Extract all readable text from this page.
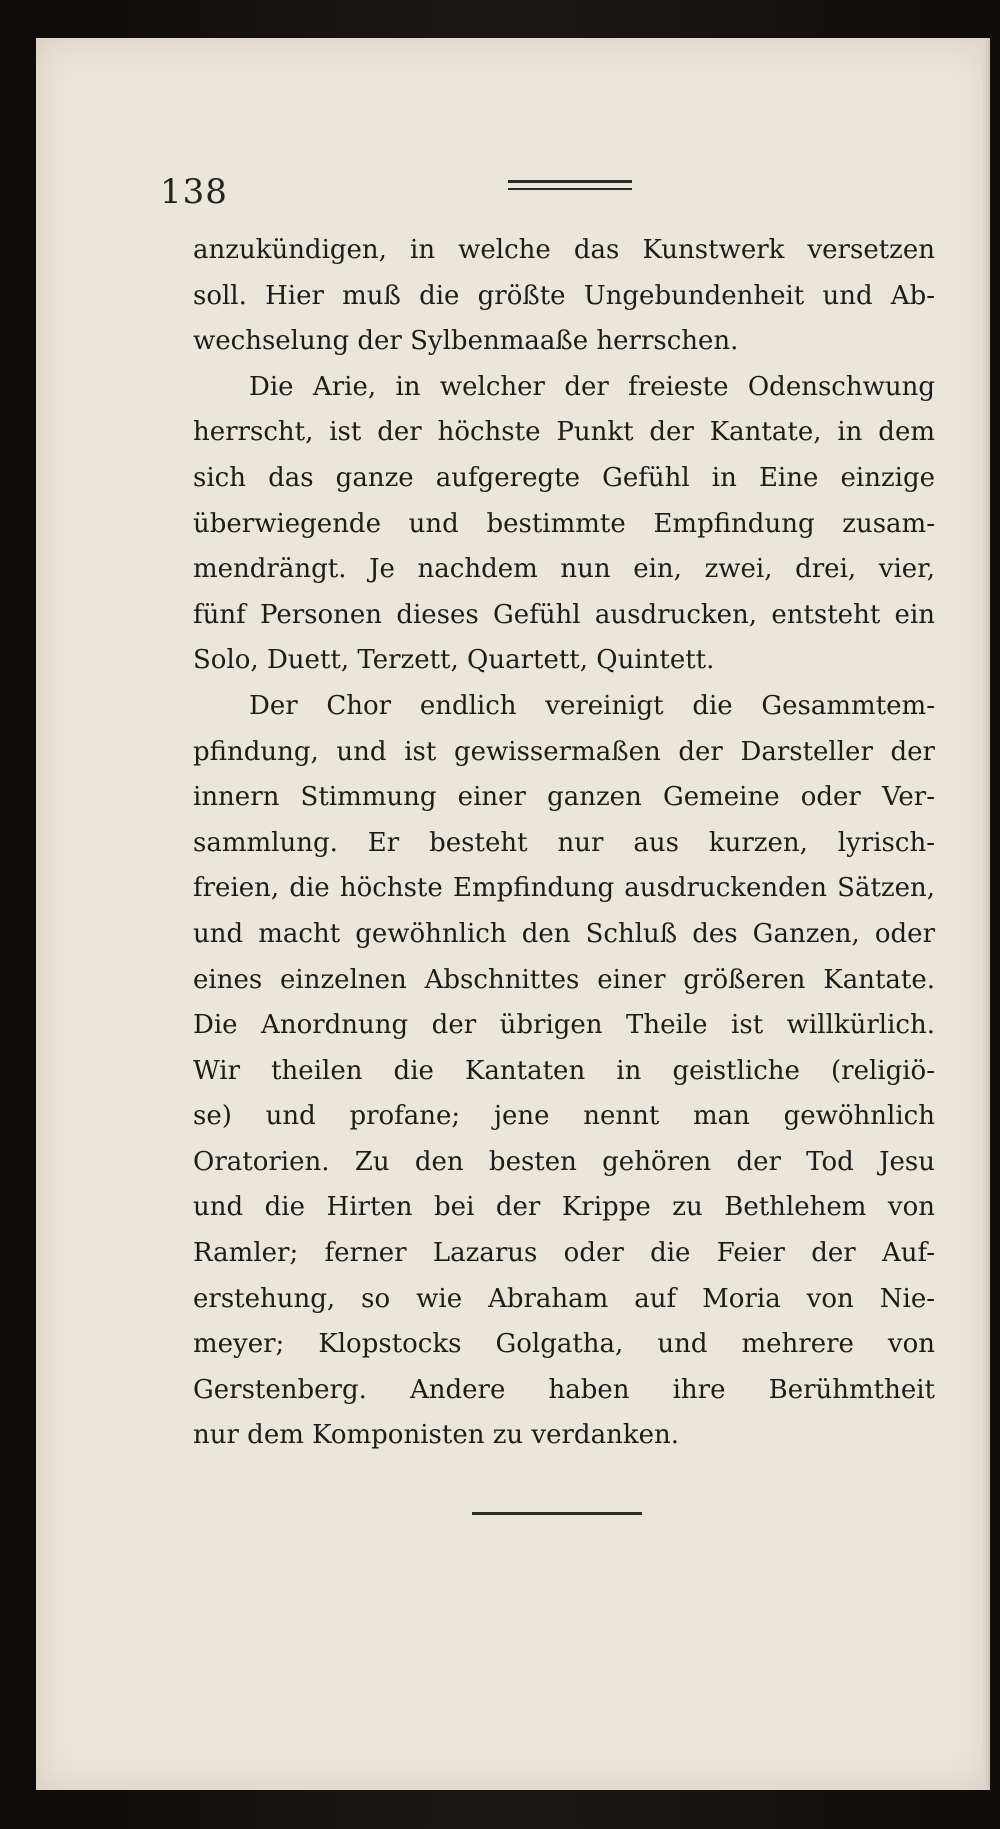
138
anzukündigen, in welche das Kunstwerk versetzen
soll. Hier muß die größte Ungebundenheit und Ab-
wechselung der Sylbenmaaße herrschen.
Die Arie, in welcher der freieste Odenschwung
herrscht, ist der höchste Punkt der Kantate, in dem
sich das ganze aufgeregte Gefühl in Eine einzige
überwiegende und bestimmte Empfindung zusam-
mendrängt. Je nachdem nun ein, zwei, drei, vier,
fünf Personen dieses Gefühl ausdrucken, entsteht ein
Solo, Duett, Terzett, Quartett, Quintett.
Der Chor endlich vereinigt die Gesammtem-
pfindung, und ist gewissermaßen der Darsteller der
innern Stimmung einer ganzen Gemeine oder Ver-
sammlung. Er besteht nur aus kurzen, lyrisch-
freien, die höchste Empfindung ausdruckenden Sätzen,
und macht gewöhnlich den Schluß des Ganzen, oder
eines einzelnen Abschnittes einer größeren Kantate.
Die Anordnung der übrigen Theile ist willkürlich.
Wir theilen die Kantaten in geistliche (religiö-
se) und profane; jene nennt man gewöhnlich
Oratorien. Zu den besten gehören der Tod Jesu
und die Hirten bei der Krippe zu Bethlehem von
Ramler; ferner Lazarus oder die Feier der Auf-
erstehung, so wie Abraham auf Moria von Nie-
meyer; Klopstocks Golgatha, und mehrere von
Gerstenberg. Andere haben ihre Berühmtheit
nur dem Komponisten zu verdanken.
